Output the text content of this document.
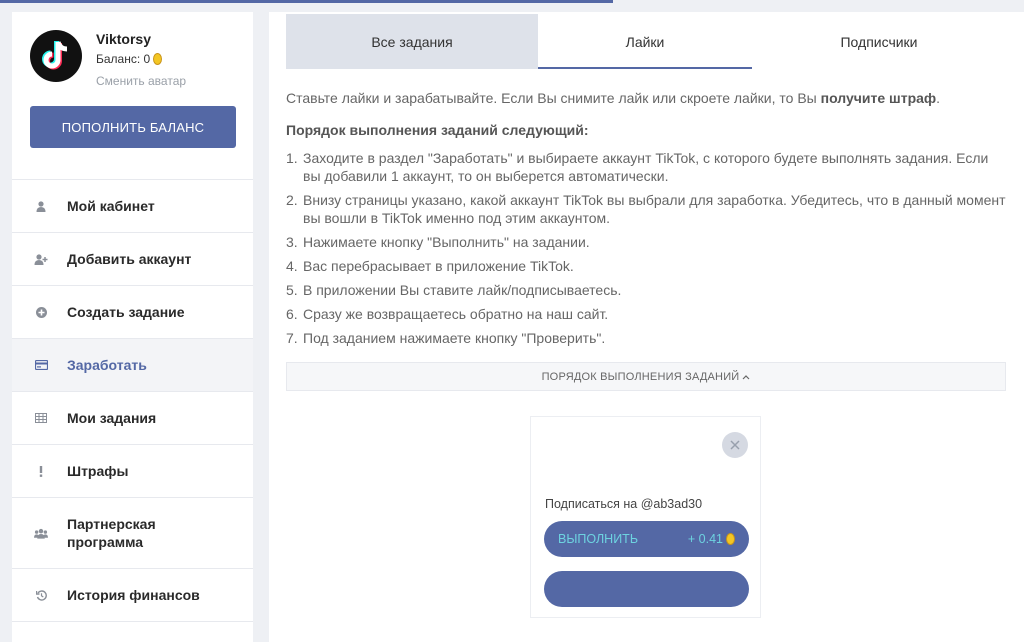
Viktorsy
Баланс: 0
Сменить аватар
ПОПОЛНИТЬ БАЛАНС
Мой кабинет
Добавить аккаунт
Создать задание
Заработать
Мои задания
Штрафы
Партнерская программа
История финансов
Все задания	Лайки	Подписчики
Ставьте лайки и зарабатывайте. Если Вы снимите лайк или скроете лайки, то Вы получите штраф.
Порядок выполнения заданий следующий:
1. Заходите в раздел "Заработать" и выбираете аккаунт TikTok, с которого будете выполнять задания. Если вы добавили 1 аккаунт, то он выберется автоматически.
2. Внизу страницы указано, какой аккаунт TikTok вы выбрали для заработка. Убедитесь, что в данный момент вы вошли в TikTok именно под этим аккаунтом.
3. Нажимаете кнопку "Выполнить" на задании.
4. Вас перебрасывает в приложение TikTok.
5. В приложении Вы ставите лайк/подписываетесь.
6. Сразу же возвращаетесь обратно на наш сайт.
7. Под заданием нажимаете кнопку "Проверить".
ПОРЯДОК ВЫПОЛНЕНИЯ ЗАДАНИЙ
Подписаться на @ab3ad30
ВЫПОЛНИТЬ	+ 0.41
